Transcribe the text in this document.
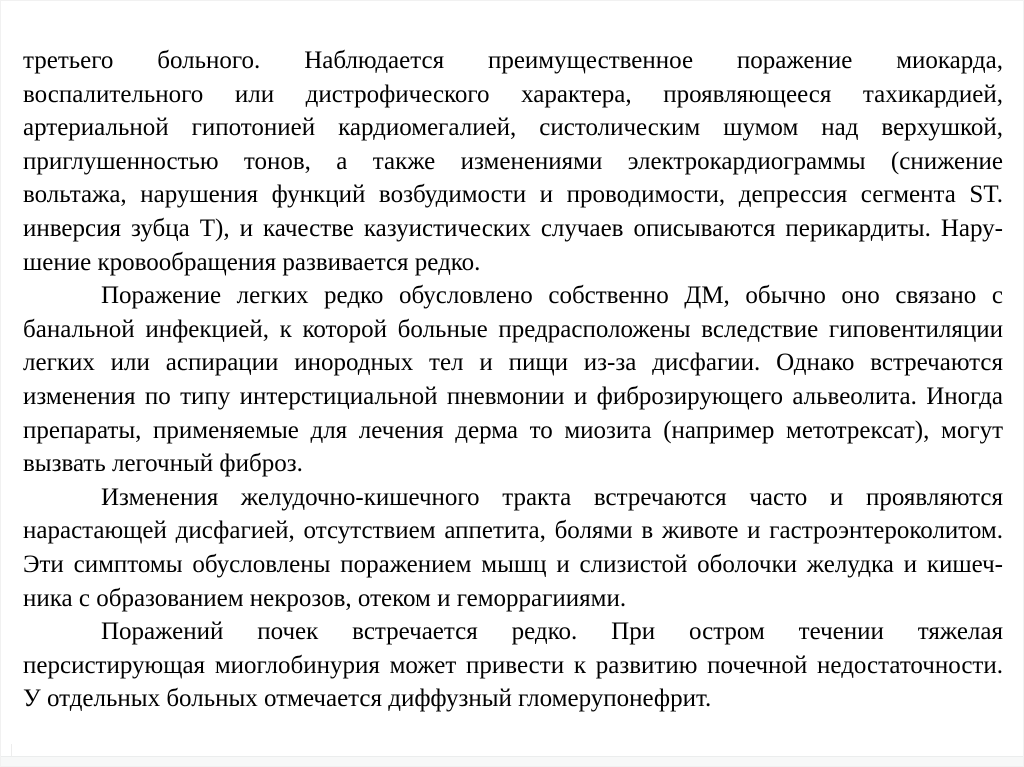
третьего больного. Наблюдается преимущественное поражение миокарда,
воспалительного или дистрофического характера, проявляющееся тахикардией,
артериальной гипотонией кардиомегалией, систолическим шумом над верхушкой,
приглушенностью тонов, а также изменениями электрокардиограммы (снижение
вольтажа, нарушения функций возбудимости и проводимости, депрессия сегмента ST.
инверсия зубца Т), и качестве казуистических случаев описываются перикардиты. Нару-
шение кровообращения развивается редко.
Поражение легких редко обусловлено собственно ДМ, обычно оно связано с
банальной инфекцией, к которой больные предрасположены вследствие гиповентиляции
легких или аспирации инородных тел и пищи из-за дисфагии. Однако встречаются
изменения по типу интерстициальной пневмонии и фиброзирующего альвеолита. Иногда
препараты, применяемые для лечения дерма то миозита (например метотрексат), могут
вызвать легочный фиброз.
Изменения желудочно-кишечного тракта встречаются часто и проявляются
нарастающей дисфагией, отсутствием аппетита, болями в животе и гастроэнтероколитом.
Эти симптомы обусловлены поражением мышц и слизистой оболочки желудка и кишеч-
ника с образованием некрозов, отеком и геморрагииями.
Поражений почек встречается редко. При остром течении тяжелая
персистирующая миоглобинурия может привести к развитию почечной недостаточности.
У отдельных больных отмечается диффузный гломерупонефрит.
